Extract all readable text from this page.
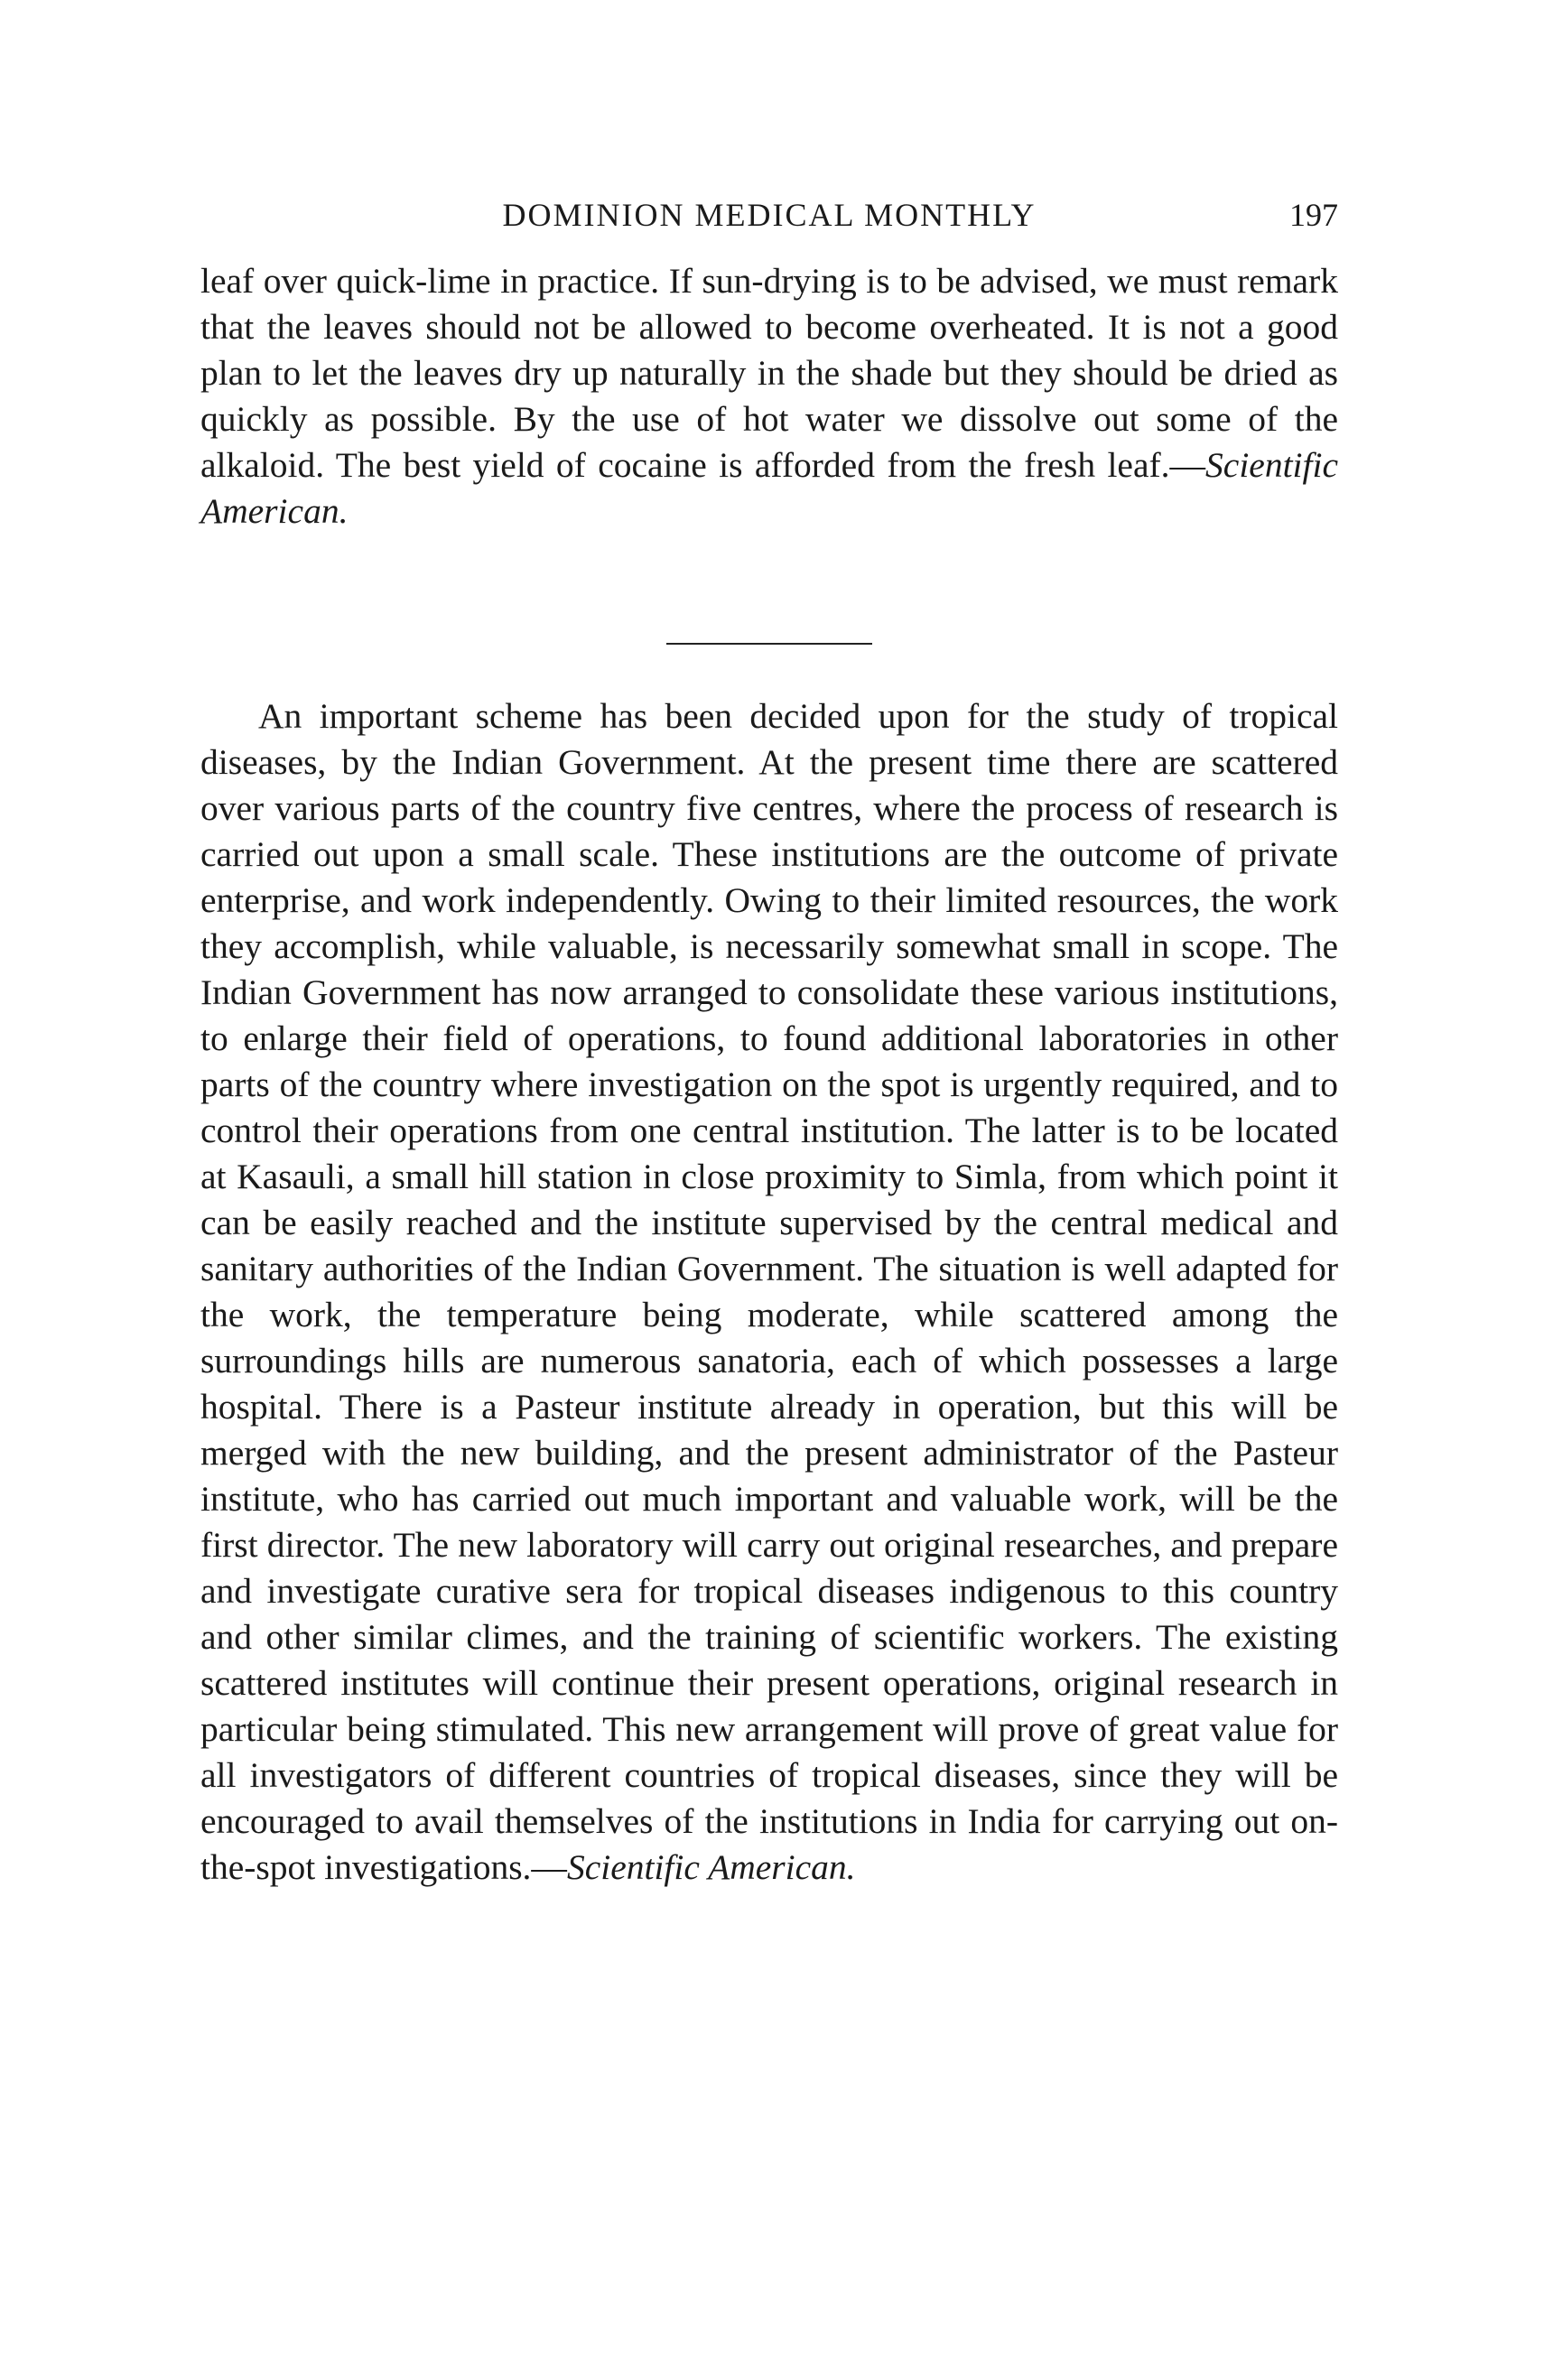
DOMINION MEDICAL MONTHLY	197

leaf over quick-lime in practice. If sun-drying is to be advised, we must remark that the leaves should not be allowed to become overheated. It is not a good plan to let the leaves dry up naturally in the shade but they should be dried as quickly as possible. By the use of hot water we dissolve out some of the alkaloid. The best yield of cocaine is afforded from the fresh leaf.—Scientific American.

An important scheme has been decided upon for the study of tropical diseases, by the Indian Government. At the present time there are scattered over various parts of the country five centres, where the process of research is carried out upon a small scale. These institutions are the outcome of private enterprise, and work independently. Owing to their limited resources, the work they accomplish, while valuable, is necessarily somewhat small in scope. The Indian Government has now arranged to consolidate these various institutions, to enlarge their field of operations, to found additional laboratories in other parts of the country where investigation on the spot is urgently required, and to control their operations from one central institution. The latter is to be located at Kasauli, a small hill station in close proximity to Simla, from which point it can be easily reached and the institute supervised by the central medical and sanitary authorities of the Indian Government. The situation is well adapted for the work, the temperature being moderate, while scattered among the surroundings hills are numerous sanatoria, each of which possesses a large hospital. There is a Pasteur institute already in operation, but this will be merged with the new building, and the present administrator of the Pasteur institute, who has carried out much important and valuable work, will be the first director. The new laboratory will carry out original researches, and prepare and investigate curative sera for tropical diseases indigenous to this country and other similar climes, and the training of scientific workers. The existing scattered institutes will continue their present operations, original research in particular being stimulated. This new arrangement will prove of great value for all investigators of different countries of tropical diseases, since they will be encouraged to avail themselves of the institutions in India for carrying out on-the-spot investigations.—Scientific American.
